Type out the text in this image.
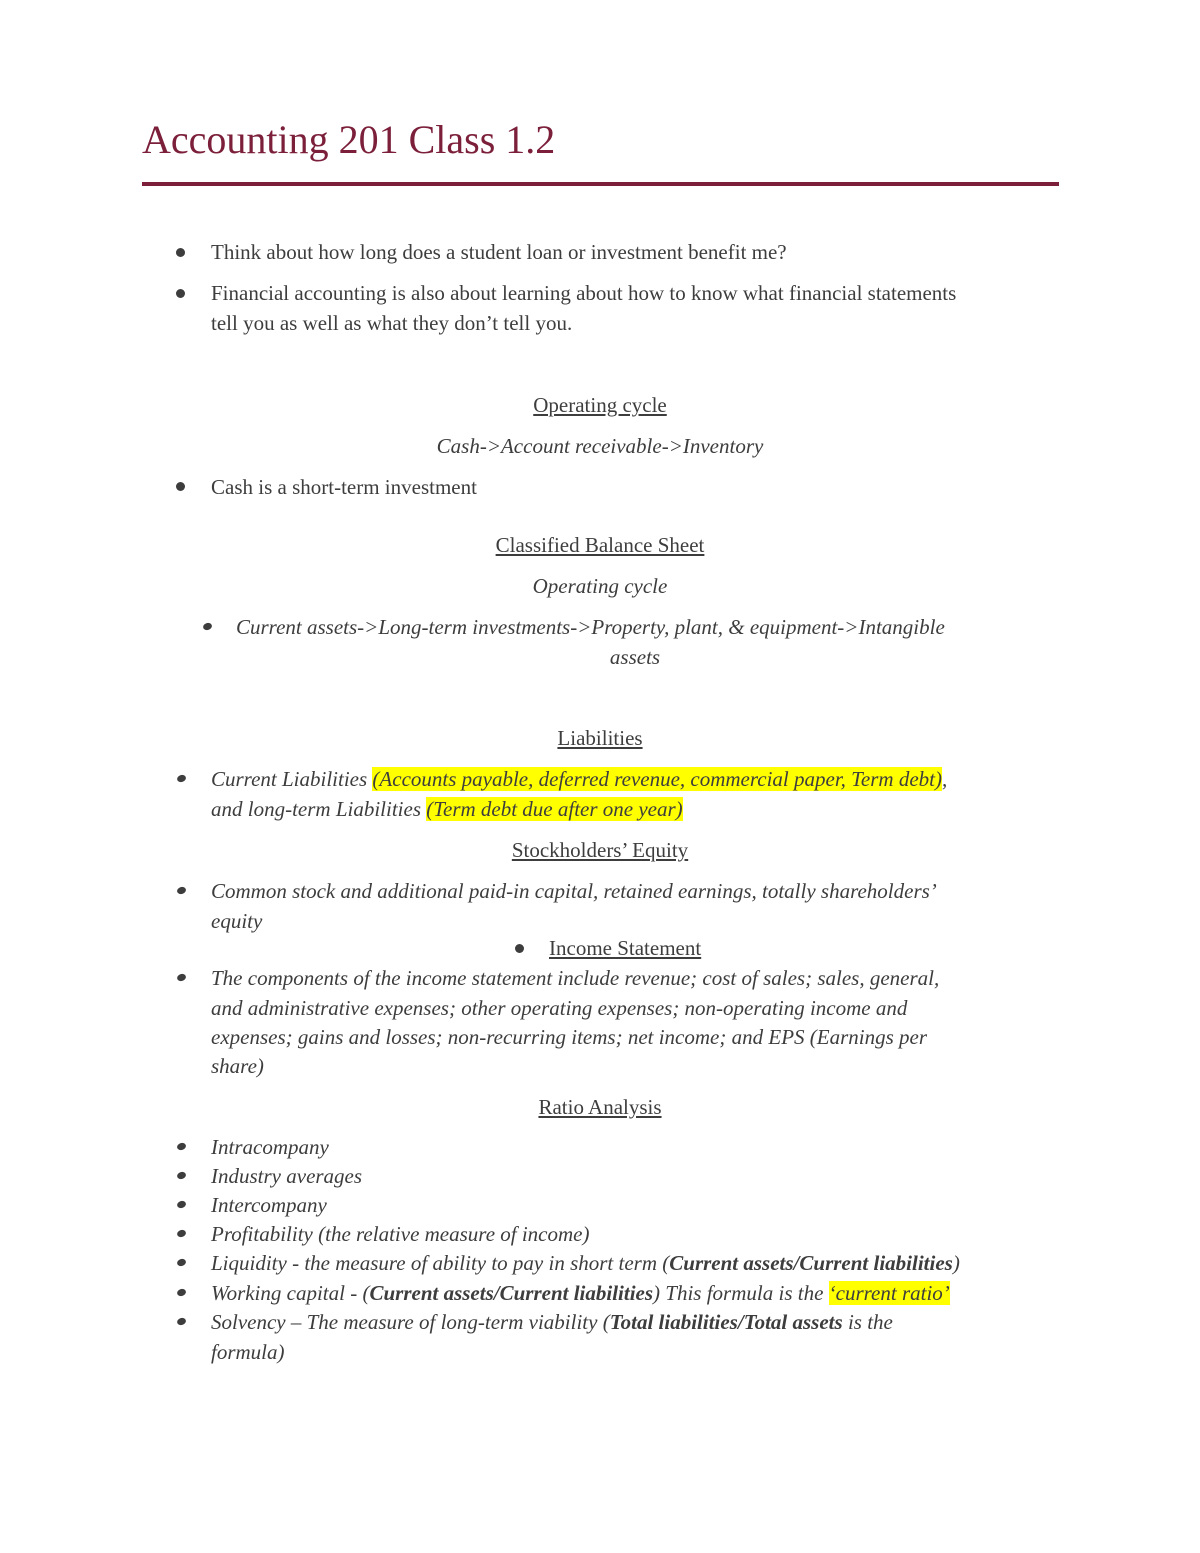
Accounting 201 Class 1.2

Think about how long does a student loan or investment benefit me?

Financial accounting is also about learning about how to know what financial statements

tell you as well as what they don’t tell you.

Operating cycle

Cash->Account receivable->Inventory

Cash is a short-term investment

Classified Balance Sheet

Operating cycle

Current assets->Long-term investments->Property, plant, & equipment->Intangible

assets

Liabilities

Current Liabilities (Accounts payable, deferred revenue, commercial paper, Term debt),

and long-term Liabilities (Term debt due after one year)

Stockholders’ Equity

Common stock and additional paid-in capital, retained earnings, totally shareholders’

equity

Income Statement

The components of the income statement include revenue; cost of sales; sales, general,

and administrative expenses; other operating expenses; non-operating income and

expenses; gains and losses; non-recurring items; net income; and EPS (Earnings per

share)

Ratio Analysis

Intracompany

Industry averages

Intercompany

Profitability (the relative measure of income)

Liquidity - the measure of ability to pay in short term (Current assets/Current liabilities)

Working capital - (Current assets/Current liabilities) This formula is the ‘current ratio’

Solvency – The measure of long-term viability (Total liabilities/Total assets is the

formula)
